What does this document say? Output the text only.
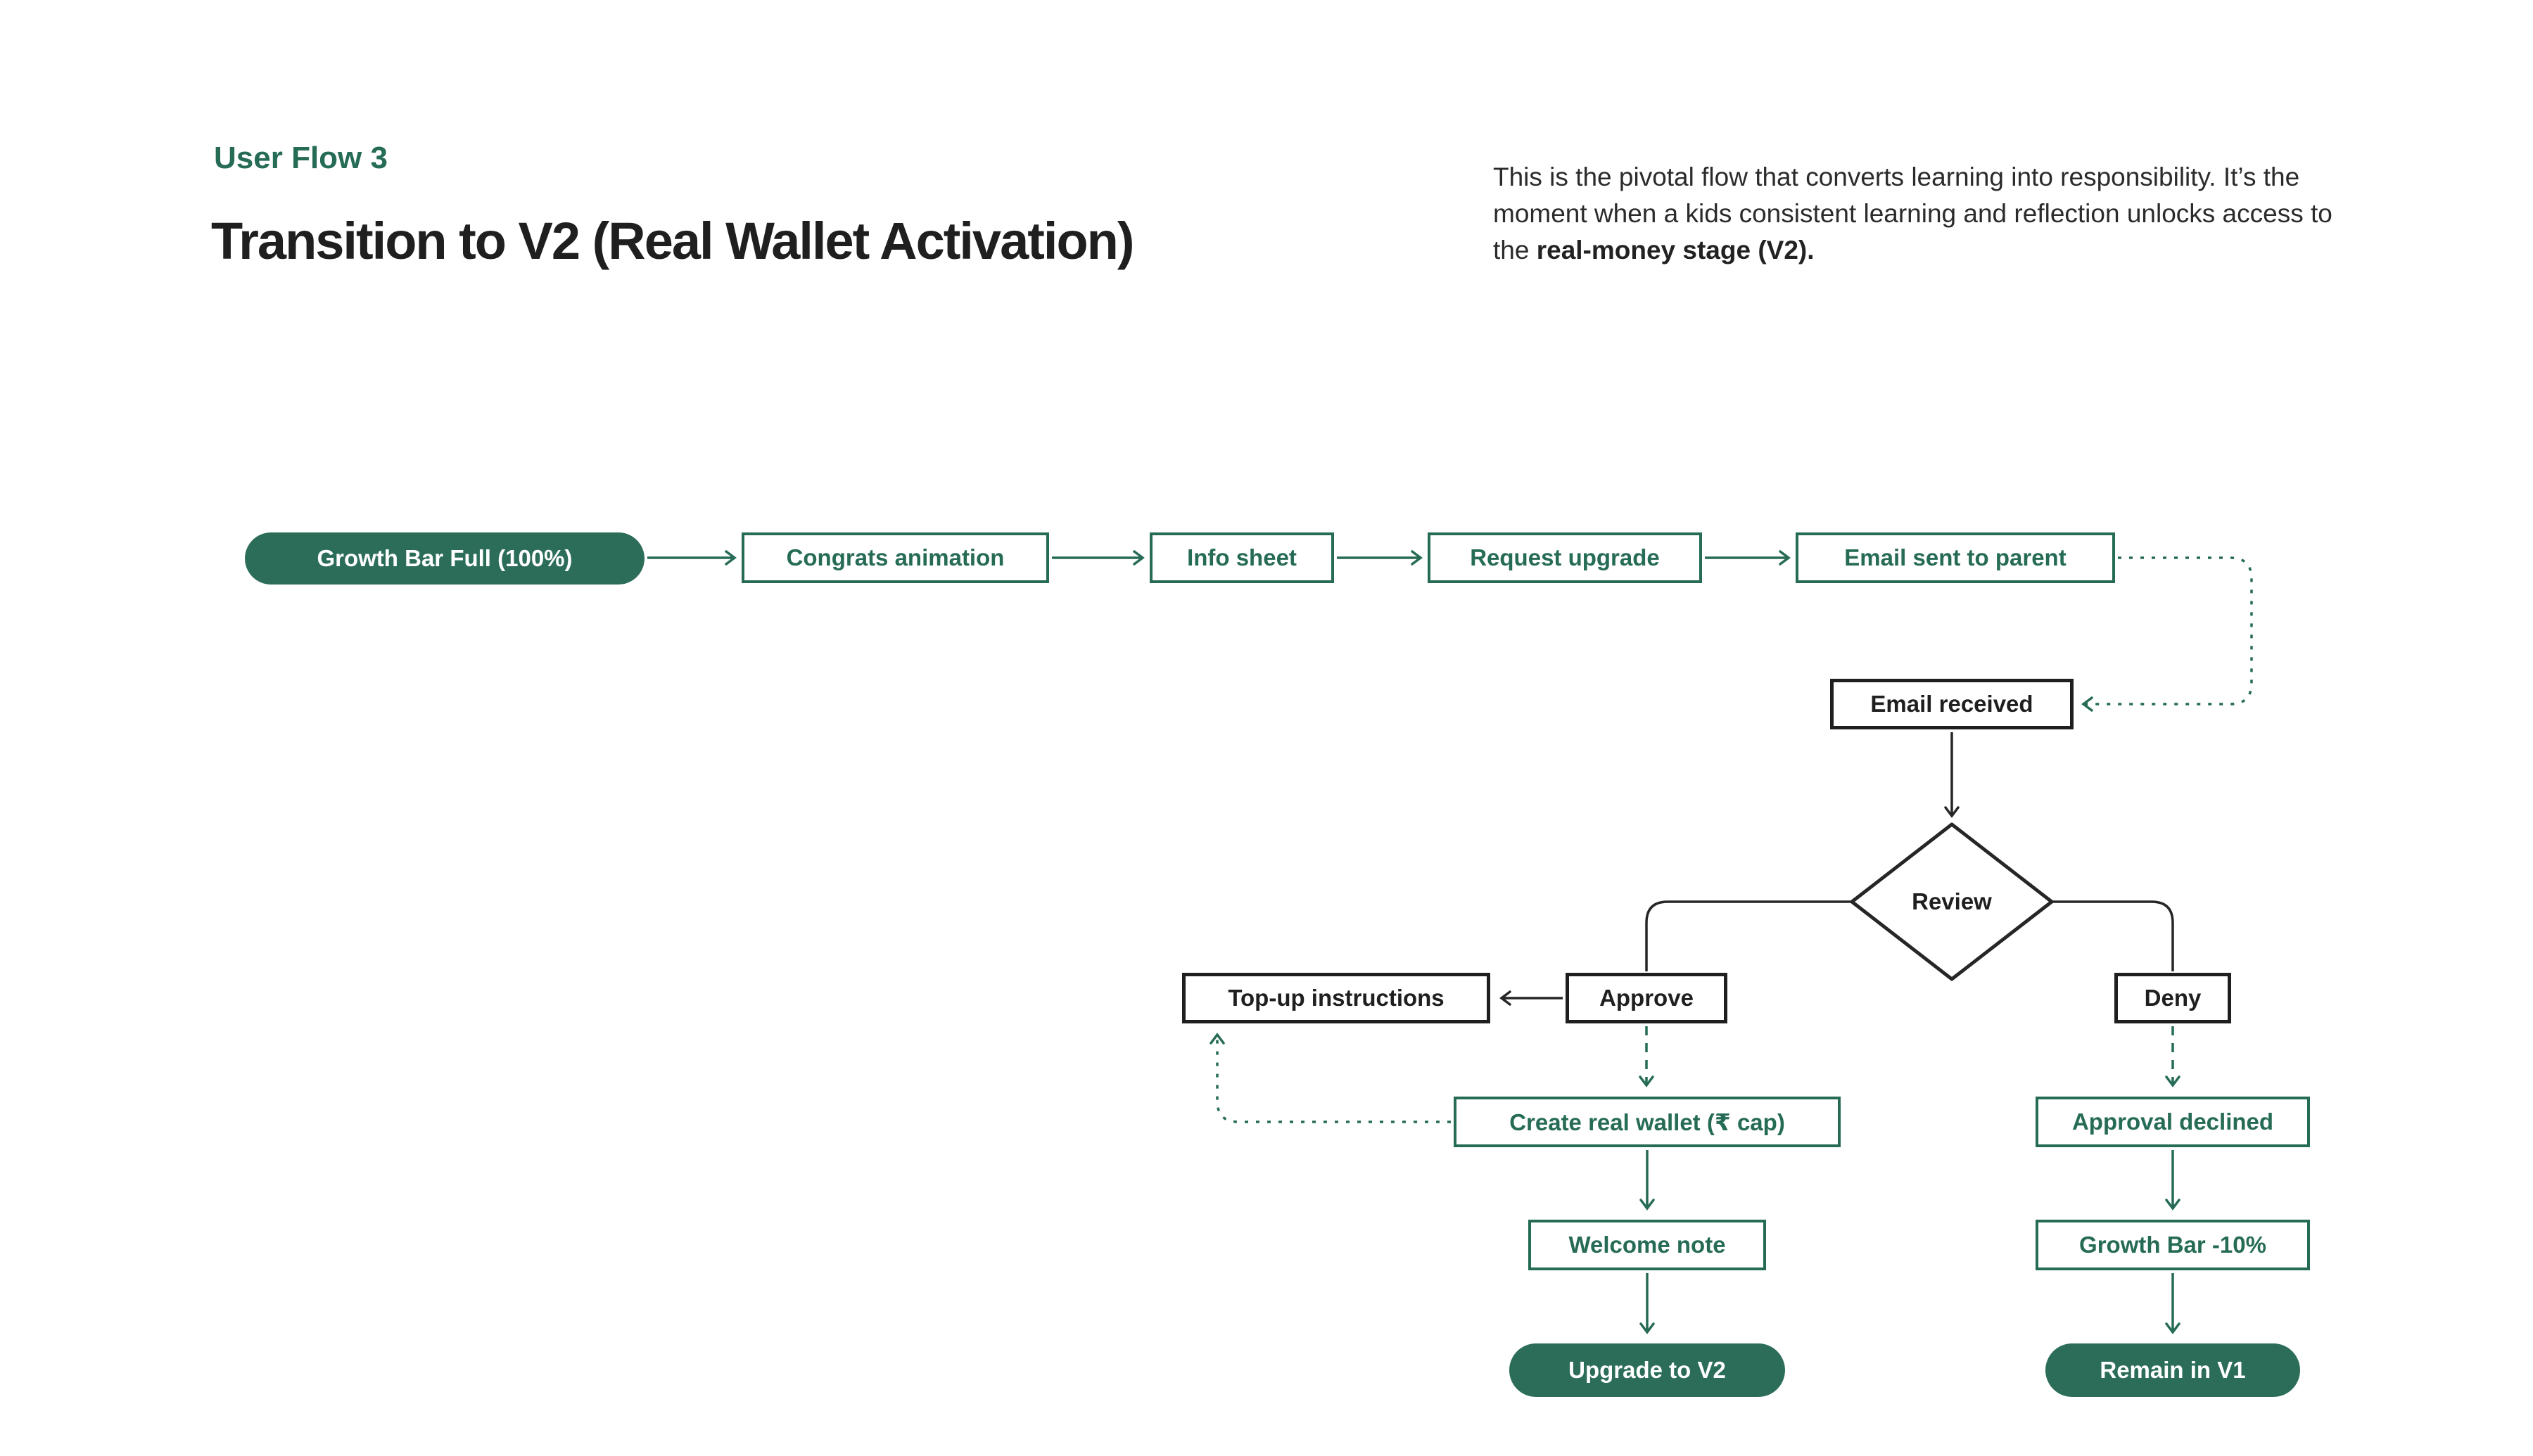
User Flow 3
Transition to V2 (Real Wallet Activation)
This is the pivotal flow that converts learning into responsibility. It’s the moment when a kids consistent learning and reflection unlocks access to the real-money stage (V2).
Growth Bar Full (100%)	Congrats animation	Info sheet	Request upgrade	Email sent to parent
Email received
Review
Top-up instructions	Approve	Deny
Create real wallet (₹ cap)	Approval declined
Welcome note	Growth Bar -10%
Upgrade to V2	Remain in V1
